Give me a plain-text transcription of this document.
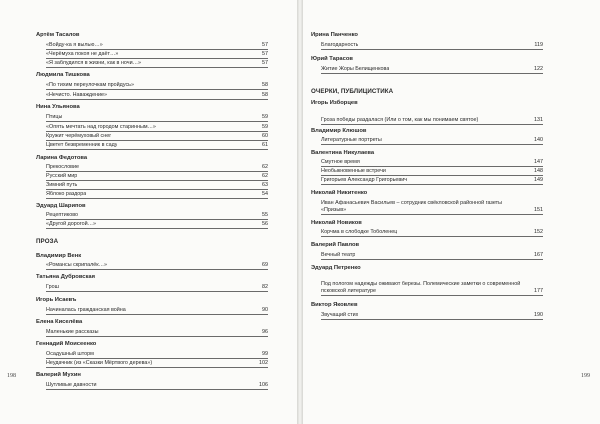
Артём Тасалов
«Войду-ка я вылью…»	57
«Черёмуха покоя не даёт…»	57
«Я заблудился в жизни, как в ночи…»	57
Людмила Тишкова
«По тихим переулочкам пройдусь»	58
«Нечисто. Наваждение»	58
Нина Ульянова
Птицы	59
«Опять мечтать над городом старинным…»	59
Кружит черёмуховый снег	60
Цветет безвременник в саду	61
Ларина Федотова
Прекословие	62
Русский мир	62
Зимний путь	63
Яблоко раздора	54
Эдуард Шарипов
Рецептиково	55
«Другой дорогой…»	56
ПРОЗА
Владимир Венк
«Романсы скрипалёк…»	69
Татьяна Дубровская
Грош	82
Игорь Исаевъ
Начиналась гражданская война	90
Елена Киселёва
Маленькие рассказы	96
Геннадий Моисеенко
Осадушный шторм	99
Неудачник (из «Сказки Мёртвого дерева»)	102
Валерий Мухин
Шутливые давности	106
198
Ирина Панченко
Благодарность	119
Юрий Тарасов
Житие Жоры Белищенкова	122
ОЧЕРКИ, ПУБЛИЦИСТИКА
Игорь Изборцев
Гроза победы раздалася (Или о том, как мы понимаем святое)	131
Владимир Клюшов
Литературные портреты	140
Валентина Никулаева
Смутное время	147
Необыкновенные встречи	148
Григорьев Александр Григорьевич	149
Николай Никитенко
Иван Афанасьевич Васильев – сотрудник свёкловской районной газеты «Призыв»	151
Николай Новиков
Корчма в слободке Тоболенец	152
Валерий Павлов
Вечный театр	167
Эдуард Петренко
Под пологом надежды оживают березы. Полемические заметки о современной псковской литературе	177
Виктор Яковлев
Звучащий стих	190
199
